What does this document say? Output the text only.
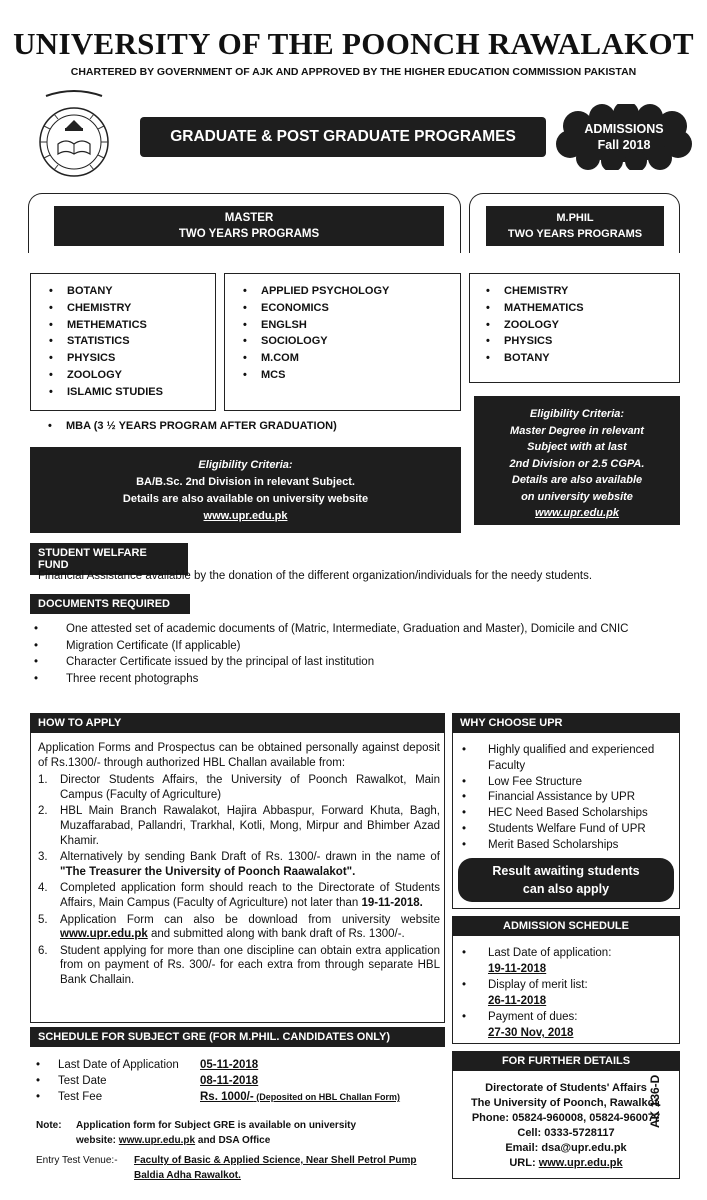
UNIVERSITY OF THE POONCH RAWALAKOT
CHARTERED BY GOVERNMENT OF AJK AND APPROVED BY THE HIGHER EDUCATION COMMISSION PAKISTAN
GRADUATE & POST GRADUATE PROGRAMES	ADMISSIONS
Fall 2018
MASTER
TWO YEARS PROGRAMS
M.PHIL
TWO YEARS PROGRAMS
• BOTANY
• CHEMISTRY
• METHEMATICS
• STATISTICS
• PHYSICS
• ZOOLOGY
• ISLAMIC STUDIES
• APPLIED PSYCHOLOGY
• ECONOMICS
• ENGLSH
• SOCIOLOGY
• M.COM
• MCS
• CHEMISTRY
• MATHEMATICS
• ZOOLOGY
• PHYSICS
• BOTANY
• MBA (3 ½ YEARS PROGRAM AFTER GRADUATION)
Eligibility Criteria:
BA/B.Sc. 2nd Division in relevant Subject.
Details are also available on university website
www.upr.edu.pk
Eligibility Criteria:
Master Degree in relevant
Subject with at last
2nd Division or 2.5 CGPA.
Details are also available
on university website
www.upr.edu.pk
STUDENT WELFARE FUND
Financial Assistance available by the donation of the different organization/individuals for the needy students.
DOCUMENTS REQUIRED
• One attested set of academic documents of (Matric, Intermediate, Graduation and Master), Domicile and CNIC
• Migration Certificate (If applicable)
• Character Certificate issued by the principal of last institution
• Three recent photographs
HOW TO APPLY
Application Forms and Prospectus can be obtained personally against deposit of Rs.1300/- through authorized HBL Challan available from:
1. Director Students Affairs, the University of Poonch Rawalkot, Main Campus (Faculty of Agriculture)
2. HBL Main Branch Rawalakot, Hajira Abbaspur, Forward Khuta, Bagh, Muzaffarabad, Pallandri, Trarkhal, Kotli, Mong, Mirpur and Bhimber Azad Khamir.
3. Alternatively by sending Bank Draft of Rs. 1300/- drawn in the name of "The Treasurer the University of Poonch Raawalakot".
4. Completed application form should reach to the Directorate of Students Affairs, Main Campus (Faculty of Agriculture) not later than 19-11-2018.
5. Application Form can also be download from university website www.upr.edu.pk and submitted along with bank draft of Rs. 1300/-.
6. Student applying for more than one discipline can obtain extra application from on payment of Rs. 300/- for each extra from through separate HBL Bank Challain.
SCHEDULE FOR SUBJECT GRE (FOR M.PHIL. CANDIDATES ONLY)
• Last Date of Application 05-11-2018
• Test Date	08-11-2018
• Test Fee	Rs. 1000/- (Deposited on HBL Challan Form)
Note: Application form for Subject GRE is available on university
website: www.upr.edu.pk and DSA Office
Entry Test Venue:- Faculty of Basic & Applied Science, Near Shell Petrol Pump
Baldia Adha Rawalkot.
WHY CHOOSE UPR
• Highly qualified and experienced Faculty
• Low Fee Structure
• Financial Assistance by UPR
• HEC Need Based Scholarships
• Students Welfare Fund of UPR
• Merit Based Scholarships
Result awaiting students
can also apply
ADMISSION SCHEDULE
• Last Date of application:
19-11-2018
• Display of merit list:
26-11-2018
• Payment of dues:
27-30 Nov, 2018
FOR FURTHER DETAILS
Directorate of Students' Affairs
The University of Poonch, Rawalkot.
Phone: 05824-960008, 05824-960077
Cell: 0333-5728117
Email: dsa@upr.edu.pk
URL: www.upr.edu.pk
AK 136-D
